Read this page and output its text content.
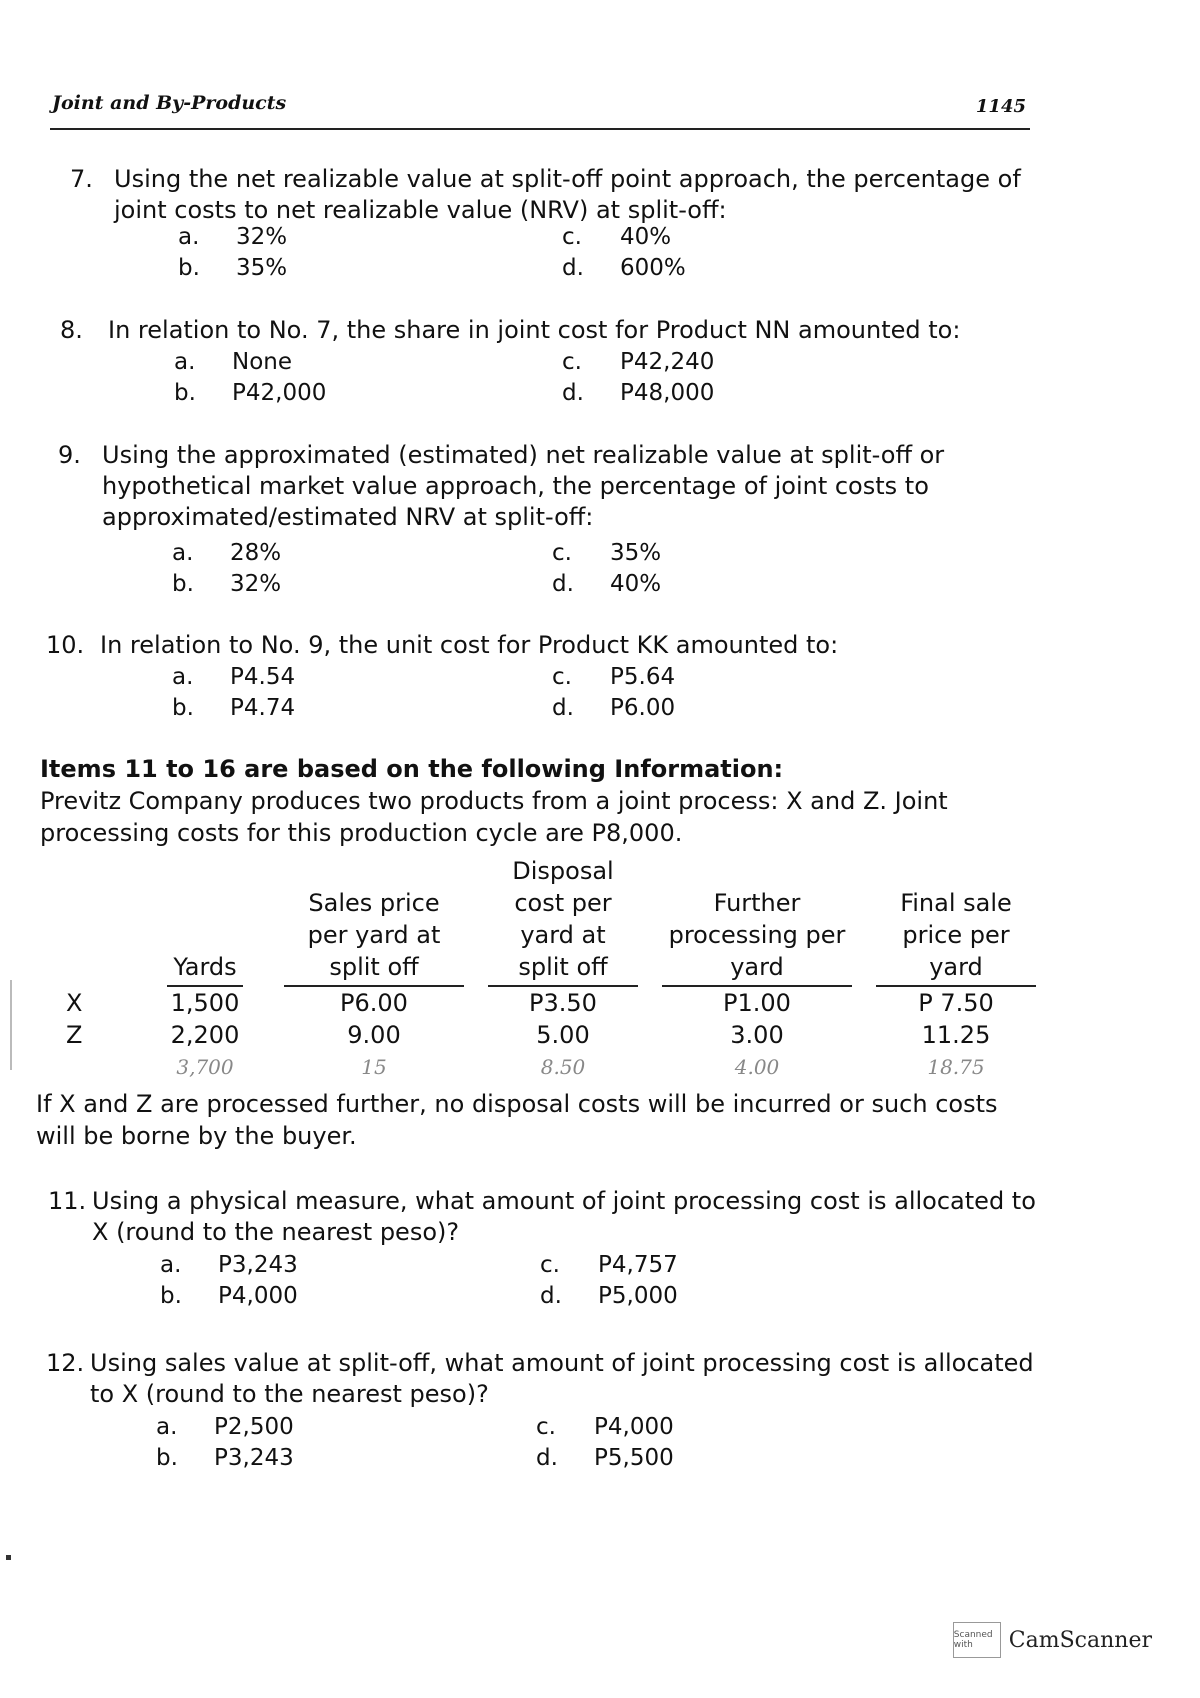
Joint and By-Products	1145
7. Using the net realizable value at split-off point approach, the percentage of joint costs to net realizable value (NRV) at split-off:
a. 32%
b. 35%
c. 40%
d. 600%
8. In relation to No. 7, the share in joint cost for Product NN amounted to:
a. None
b. P42,000
c. P42,240
d. P48,000
9. Using the approximated (estimated) net realizable value at split-off or hypothetical market value approach, the percentage of joint costs to approximated/estimated NRV at split-off:
a. 28%
b. 32%
c. 35%
d. 40%
10. In relation to No. 9, the unit cost for Product KK amounted to:
a. P4.54
b. P4.74
c. P5.64
d. P6.00
Items 11 to 16 are based on the following Information:
Previtz Company produces two products from a joint process: X and Z. Joint processing costs for this production cycle are P8,000.
	Yards	Sales price per yard at split off	Disposal cost per yard at split off	Further processing per yard	Final sale price per yard
X	1,500	P6.00	P3.50	P1.00	P 7.50
Z	2,200	9.00	5.00	3.00	11.25
	3,700	15	8.50	4.00	18.75
If X and Z are processed further, no disposal costs will be incurred or such costs will be borne by the buyer.
11. Using a physical measure, what amount of joint processing cost is allocated to X (round to the nearest peso)?
a. P3,243
b. P4,000
c. P4,757
d. P5,000
12. Using sales value at split-off, what amount of joint processing cost is allocated to X (round to the nearest peso)?
a. P2,500
b. P3,243
c. P4,000
d. P5,500
Scanned with	CamScanner
